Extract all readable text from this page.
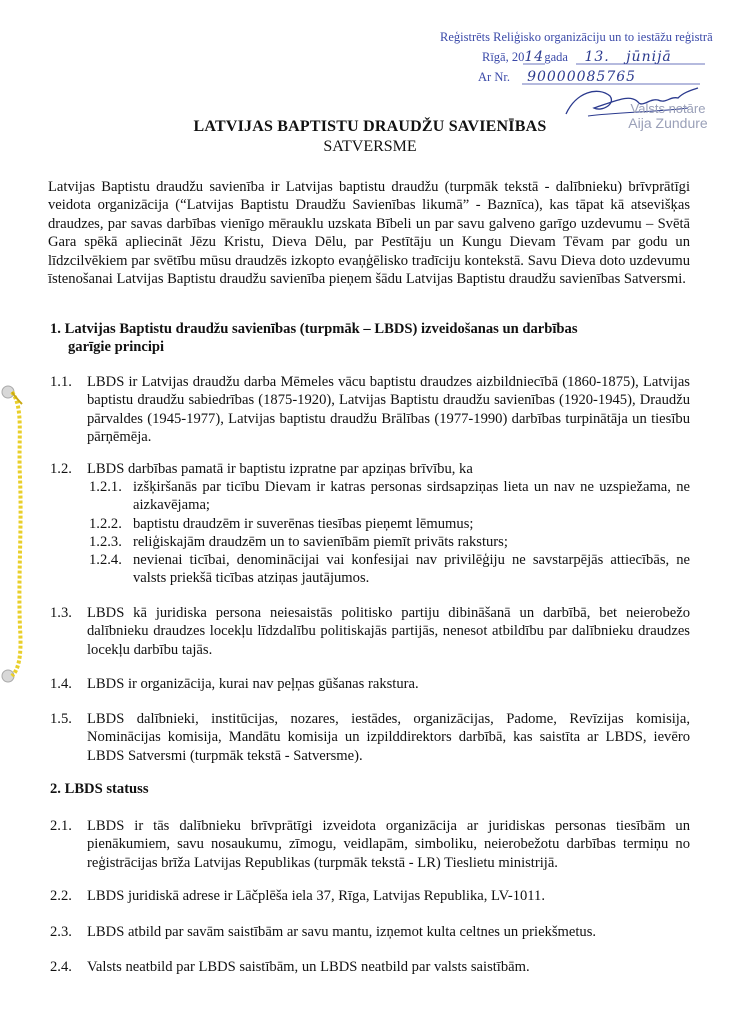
Reģistrēts Reliģisko organizāciju un to iestāžu reģistrā
Rīgā, 2014gada 13. jūnijā
Ar Nr. 90000085765
Valsts notāre
Aija Zundure
LATVIJAS BAPTISTU DRAUDŽU SAVIENĪBAS
SATVERSME
Latvijas Baptistu draudžu savienība ir Latvijas baptistu draudžu (turpmāk tekstā - dalībnieku) brīvprātīgi veidota organizācija (“Latvijas Baptistu Draudžu Savienības likumā” - Baznīca), kas tāpat kā atsevišķas draudzes, par savas darbības vienīgo mērauklu uzskata Bībeli un par savu galveno garīgo uzdevumu – Svētā Gara spēkā apliecināt Jēzu Kristu, Dieva Dēlu, par Pestītāju un Kungu Dievam Tēvam par godu un līdzcilvēkiem par svētību mūsu draudzēs izkopto evaņģēlisko tradīciju kontekstā. Savu Dieva doto uzdevumu īstenošanai Latvijas Baptistu draudžu savienība pieņem šādu Latvijas Baptistu draudžu savienības Satversmi.
1. Latvijas Baptistu draudžu savienības (turpmāk – LBDS) izveidošanas un darbības
garīgie principi
1.1. LBDS ir Latvijas draudžu darba Mēmeles vācu baptistu draudzes aizbildniecībā (1860-1875), Latvijas baptistu draudžu sabiedrības (1875-1920), Latvijas Baptistu draudžu savienības (1920-1945), Draudžu pārvaldes (1945-1977), Latvijas baptistu draudžu Brālības (1977-1990) darbības turpinātāja un tiesību pārņēmēja.
1.2. LBDS darbības pamatā ir baptistu izpratne par apziņas brīvību, ka
1.2.1. izšķiršanās par ticību Dievam ir katras personas sirdsapziņas lieta un nav ne uzspiežama, ne aizkavējama;
1.2.2. baptistu draudzēm ir suverēnas tiesības pieņemt lēmumus;
1.2.3. reliģiskajām draudzēm un to savienībām piemīt privāts raksturs;
1.2.4. nevienai ticībai, denominācijai vai konfesijai nav privilēģiju ne savstarpējās attiecībās, ne valsts priekšā ticības atziņas jautājumos.
1.3. LBDS kā juridiska persona neiesaistās politisko partiju dibināšanā un darbībā, bet neierobežo dalībnieku draudzes locekļu līdzdalību politiskajās partijās, nenesot atbildību par dalībnieku draudzes locekļu darbību tajās.
1.4. LBDS ir organizācija, kurai nav peļņas gūšanas rakstura.
1.5. LBDS dalībnieki, institūcijas, nozares, iestādes, organizācijas, Padome, Revīzijas komisija, Nominācijas komisija, Mandātu komisija un izpilddirektors darbībā, kas saistīta ar LBDS, ievēro LBDS Satversmi (turpmāk tekstā - Satversme).
2. LBDS statuss
2.1. LBDS ir tās dalībnieku brīvprātīgi izveidota organizācija ar juridiskas personas tiesībām un pienākumiem, savu nosaukumu, zīmogu, veidlapām, simboliku, neierobežotu darbības termiņu no reģistrācijas brīža Latvijas Republikas (turpmāk tekstā - LR) Tieslietu ministrijā.
2.2. LBDS juridiskā adrese ir Lāčplēša iela 37, Rīga, Latvijas Republika, LV-1011.
2.3. LBDS atbild par savām saistībām ar savu mantu, izņemot kulta celtnes un priekšmetus.
2.4. Valsts neatbild par LBDS saistībām, un LBDS neatbild par valsts saistībām.
